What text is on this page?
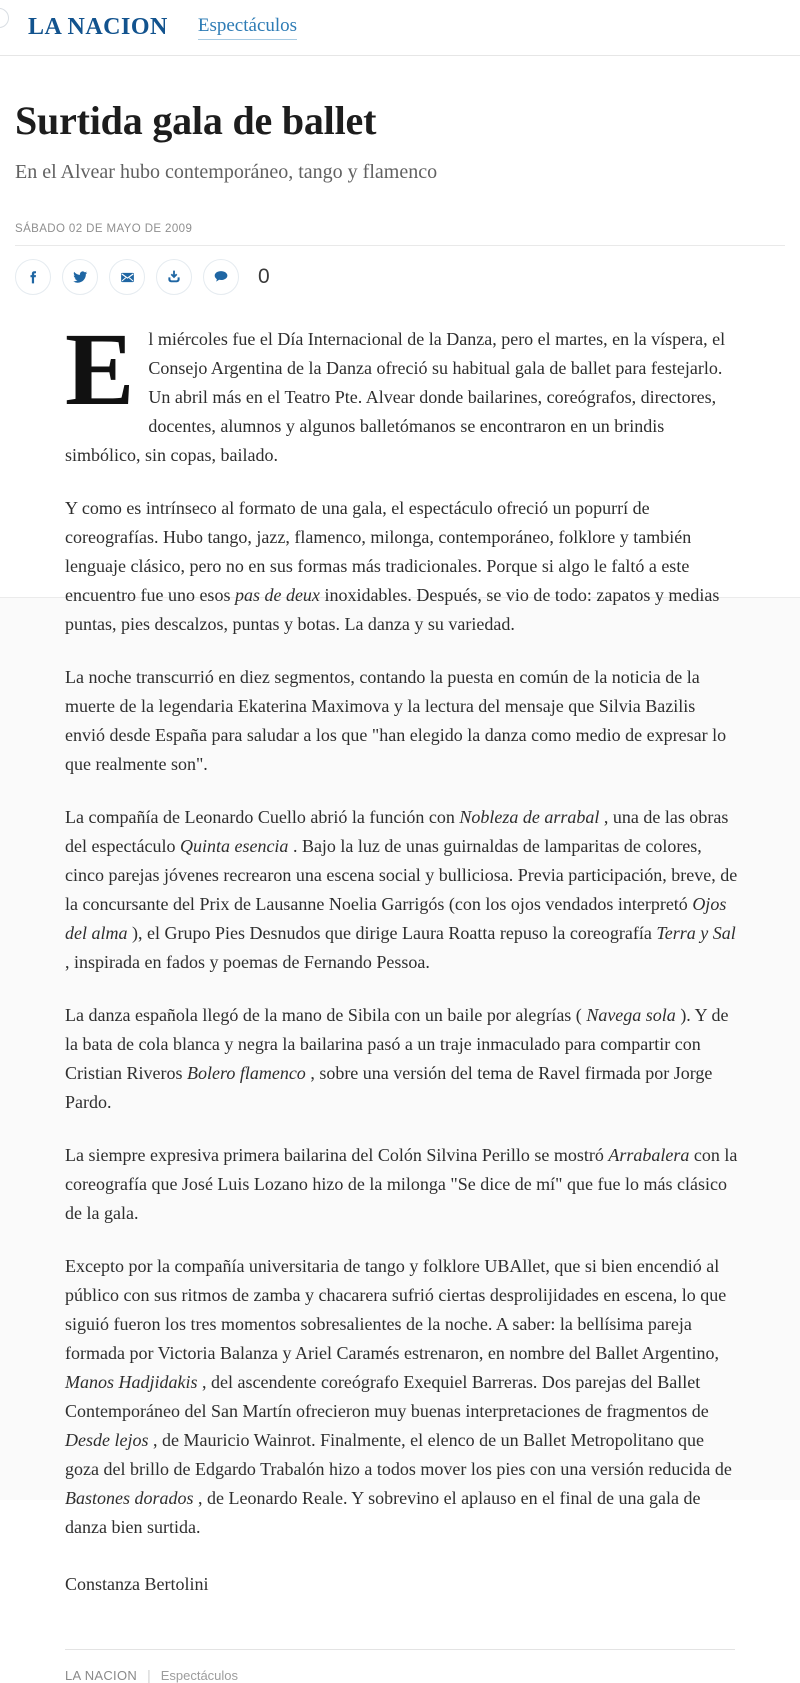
LA NACION Espectáculos
Surtida gala de ballet
En el Alvear hubo contemporáneo, tango y flamenco
SÁBADO 02 DE MAYO DE 2009
0

El miércoles fue el Día Internacional de la Danza, pero el martes, en la víspera, el Consejo Argentina de la Danza ofreció su habitual gala de ballet para festejarlo. Un abril más en el Teatro Pte. Alvear donde bailarines, coreógrafos, directores, docentes, alumnos y algunos balletómanos se encontraron en un brindis simbólico, sin copas, bailado.

Y como es intrínseco al formato de una gala, el espectáculo ofreció un popurrí de coreografías. Hubo tango, jazz, flamenco, milonga, contemporáneo, folklore y también lenguaje clásico, pero no en sus formas más tradicionales. Porque si algo le faltó a este encuentro fue uno esos pas de deux inoxidables. Después, se vio de todo: zapatos y medias puntas, pies descalzos, puntas y botas. La danza y su variedad.

La noche transcurrió en diez segmentos, contando la puesta en común de la noticia de la muerte de la legendaria Ekaterina Maximova y la lectura del mensaje que Silvia Bazilis envió desde España para saludar a los que "han elegido la danza como medio de expresar lo que realmente son".

La compañía de Leonardo Cuello abrió la función con Nobleza de arrabal , una de las obras del espectáculo Quinta esencia . Bajo la luz de unas guirnaldas de lamparitas de colores, cinco parejas jóvenes recrearon una escena social y bulliciosa. Previa participación, breve, de la concursante del Prix de Lausanne Noelia Garrigós (con los ojos vendados interpretó Ojos del alma ), el Grupo Pies Desnudos que dirige Laura Roatta repuso la coreografía Terra y Sal , inspirada en fados y poemas de Fernando Pessoa.

La danza española llegó de la mano de Sibila con un baile por alegrías ( Navega sola ). Y de la bata de cola blanca y negra la bailarina pasó a un traje inmaculado para compartir con Cristian Riveros Bolero flamenco , sobre una versión del tema de Ravel firmada por Jorge Pardo.

La siempre expresiva primera bailarina del Colón Silvina Perillo se mostró Arrabalera con la coreografía que José Luis Lozano hizo de la milonga "Se dice de mí" que fue lo más clásico de la gala.

Excepto por la compañía universitaria de tango y folklore UBAllet, que si bien encendió al público con sus ritmos de zamba y chacarera sufrió ciertas desprolijidades en escena, lo que siguió fueron los tres momentos sobresalientes de la noche. A saber: la bellísima pareja formada por Victoria Balanza y Ariel Caramés estrenaron, en nombre del Ballet Argentino, Manos Hadjidakis , del ascendente coreógrafo Exequiel Barreras. Dos parejas del Ballet Contemporáneo del San Martín ofrecieron muy buenas interpretaciones de fragmentos de Desde lejos , de Mauricio Wainrot. Finalmente, el elenco de un Ballet Metropolitano que goza del brillo de Edgardo Trabalón hizo a todos mover los pies con una versión reducida de Bastones dorados , de Leonardo Reale. Y sobrevino el aplauso en el final de una gala de danza bien surtida.

Constanza Bertolini
LA NACION | Espectáculos
